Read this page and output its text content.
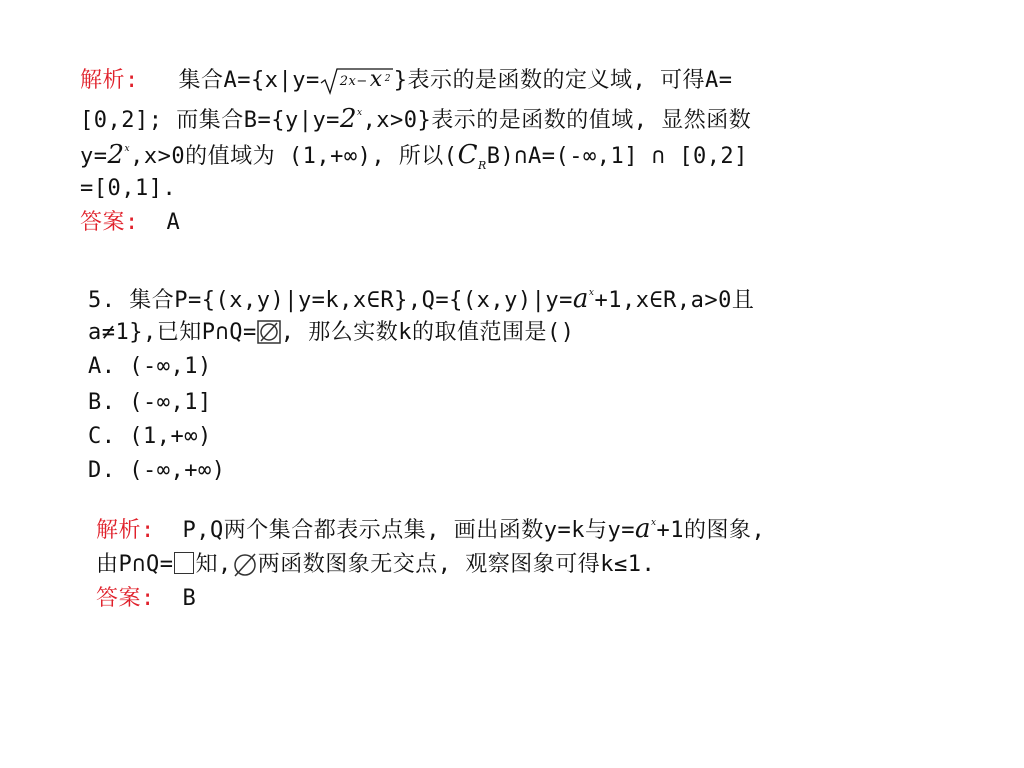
解析: 集合A={x|y= 2x− x 2 }表示的是函数的定义域, 可得A=
[0,2]; 而集合$B=\{y|y=2^x,x>0\}$表示的是函数的值域, 显然函数
$y=2^x,x>0$的值域为 (1,+∞), 所以$(C_RB)\cap A=(-\infty,1]$ ∩ [0,2]
=[0,1].
答案: A
5. 集合$P=\{(x,y)|y=k,x\in R\},Q=\{(x,y)|y=a^x+1,x\in R,a>0$且
a≠1},已知P∩Q= , 那么实数k的取值范围是()
A. (-∞,1)
B. (-∞,1]
C. (1,+∞)
D. (-∞,+∞)
解析: P,Q两个集合都表示点集, 画出函数y=k与$y=a^x+1$的图象,
由P∩Q= 知, 两函数图象无交点, 观察图象可得k≤1.
答案: B
